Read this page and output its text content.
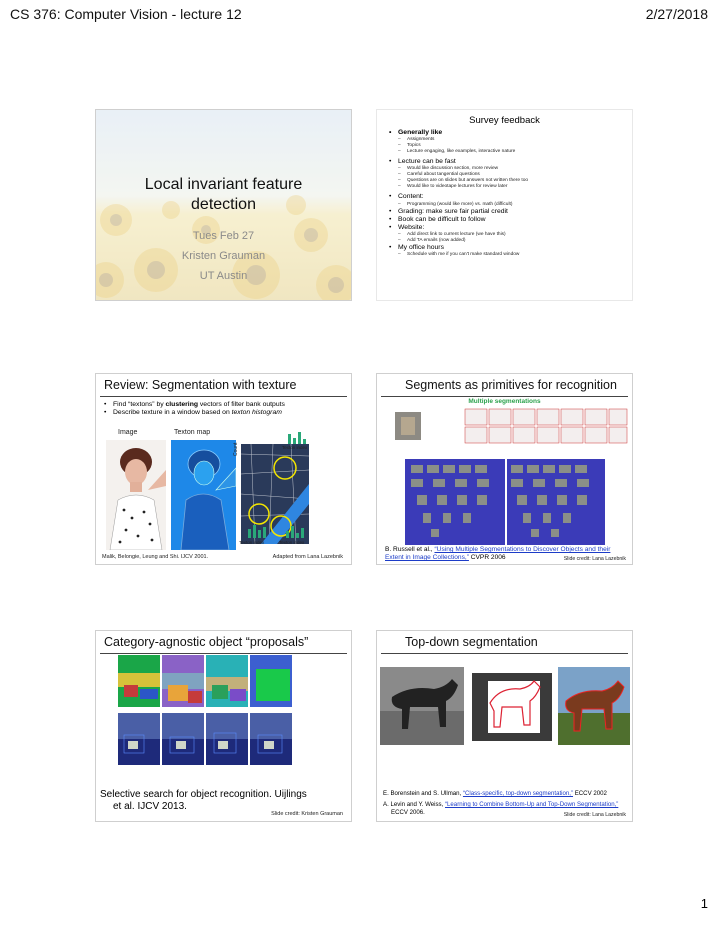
CS 376: Computer Vision - lecture 12	2/27/2018
Local invariant feature
detection
Tues Feb 27
Kristen Grauman
UT Austin
Survey feedback
• Generally like
– Assignments
– Topics
– Lecture engaging, like examples, interactive nature
• Lecture can be fast
– Would like discussion section, more review
– Careful about tangential questions
– Questions are on slides but answers not written there too
– Would like to videotape lectures for review later
• Content:
– Programming (would like more) vs. math (difficult)
• Grading: make sure fair partial credit
• Book can be difficult to follow
• Website:
– Add direct link to current lecture (we have this)
– Add TA emails (now added)
• My office hours
– Schedule with me if you can't make standard window
Review: Segmentation with texture
• Find “textons” by clustering vectors of filter bank outputs
• Describe texture in a window based on texton histogram
Image	Texton map
Count	Texton index
Texton index	Texton index
Malik, Belongie, Leung and Shi. IJCV 2001.	Adapted from Lana Lazebnik
Segments as primitives for recognition
Multiple segmentations
B. Russell et al., “Using Multiple Segmentations to Discover Objects and their Extent in Image Collections,” CVPR 2006	Slide credit: Lana Lazebnik
Category-agnostic object “proposals”
Selective search for object recognition. Uijlings
et al. IJCV 2013.
Slide credit: Kristen Grauman
Top-down segmentation
E. Borenstein and S. Ullman, “Class-specific, top-down segmentation,” ECCV 2002
A. Levin and Y. Weiss, “Learning to Combine Bottom-Up and Top-Down Segmentation,”
ECCV 2006.	Slide credit: Lana Lazebnik
1
